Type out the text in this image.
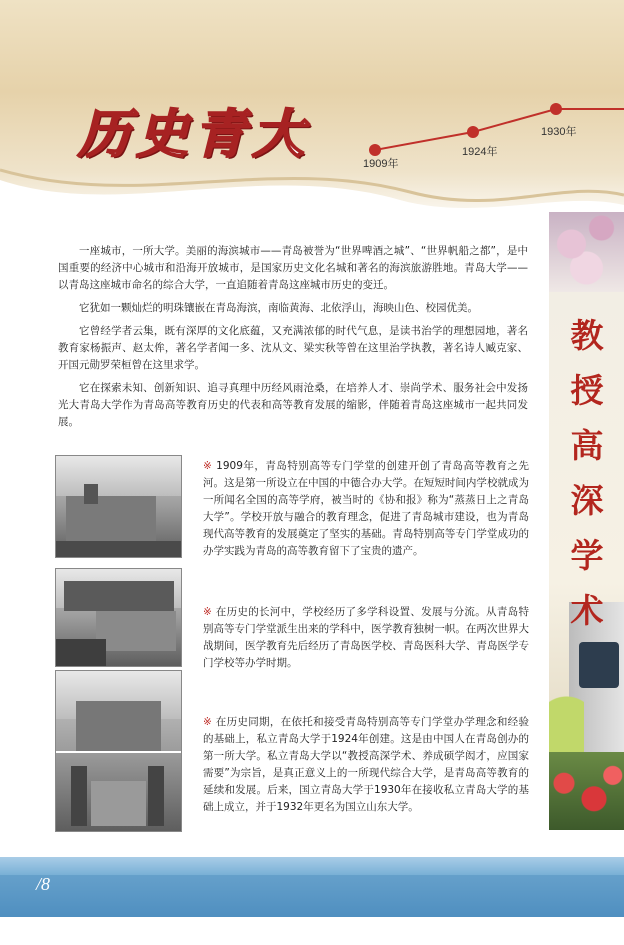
历史青大	1909年
1924年
1930年

一座城市，一所大学。美丽的海滨城市——青岛被誉为“世界啤酒之城”、“世界帆船之都”，是中国重要的经济中心城市和沿海开放城市，是国家历史文化名城和著名的海滨旅游胜地。青岛大学——以青岛这座城市命名的综合大学，一直追随着青岛这座城市历史的变迁。

它犹如一颗灿烂的明珠镶嵌在青岛海滨，南临黄海、北依浮山，海映山色、校园优美。

它曾经学者云集，既有深厚的文化底蕴，又充满浓郁的时代气息，是读书治学的理想园地，著名教育家杨振声、赵太侔，著名学者闻一多、沈从文、梁实秋等曾在这里治学执教，著名诗人臧克家、开国元勋罗荣桓曾在这里求学。

它在探索未知、创新知识、追寻真理中历经风雨沧桑，在培养人才、崇尚学术、服务社会中发扬光大青岛大学作为青岛高等教育历史的代表和高等教育发展的缩影，伴随着青岛这座城市一起共同发展。

※ 1909年，青岛特别高等专门学堂的创建开创了青岛高等教育之先河。这是第一所设立在中国的中德合办大学。在短短时间内学校就成为一所闻名全国的高等学府，被当时的《协和报》称为“蒸蒸日上之青岛大学”。学校开放与融合的教育理念，促进了青岛城市建设，也为青岛现代高等教育的发展奠定了坚实的基础。青岛特别高等专门学堂成功的办学实践为青岛的高等教育留下了宝贵的遗产。
※ 在历史的长河中，学校经历了多学科设置、发展与分流。从青岛特别高等专门学堂派生出来的学科中，医学教育独树一帜。在两次世界大战期间，医学教育先后经历了青岛医学校、青岛医科大学、青岛医学专门学校等办学时期。
※ 在历史同期，在依托和接受青岛特别高等专门学堂办学理念和经验的基础上，私立青岛大学于1924年创建。这是由中国人在青岛创办的第一所大学。私立青岛大学以“教授高深学术、养成硕学闳才，应国家需要”为宗旨，是真正意义上的一所现代综合大学，是青岛高等教育的延续和发展。后来，国立青岛大学于1930年在接收私立青岛大学的基础上成立，并于1932年更名为国立山东大学。
教
授
高
深
学
术
/8
